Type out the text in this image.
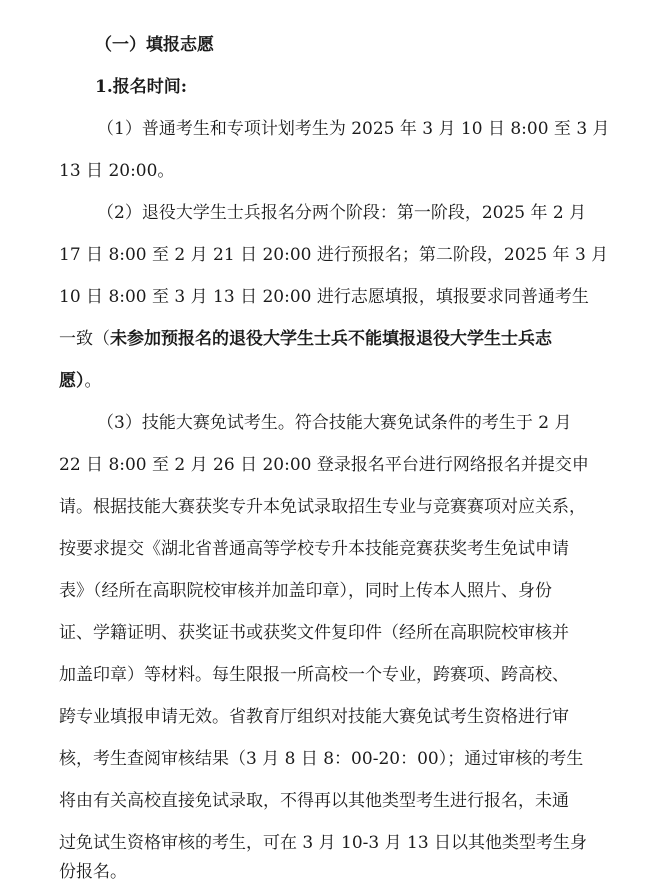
（一）填报志愿
1.报名时间:
（1）普通考生和专项计划考生为 2025 年 3 月 10 日 8:00 至 3 月
13 日 20:00。
（2）退役大学生士兵报名分两个阶段：第一阶段，2025 年 2 月
17 日 8:00 至 2 月 21 日 20:00 进行预报名；第二阶段，2025 年 3 月
10 日 8:00 至 3 月 13 日 20:00 进行志愿填报，填报要求同普通考生
一致（未参加预报名的退役大学生士兵不能填报退役大学生士兵志
愿）。
（3）技能大赛免试考生。符合技能大赛免试条件的考生于 2 月
22 日 8:00 至 2 月 26 日 20:00 登录报名平台进行网络报名并提交申
请。根据技能大赛获奖专升本免试录取招生专业与竞赛赛项对应关系，
按要求提交《湖北省普通高等学校专升本技能竞赛获奖考生免试申请
表》（经所在高职院校审核并加盖印章），同时上传本人照片、身份
证、学籍证明、获奖证书或获奖文件复印件（经所在高职院校审核并
加盖印章）等材料。每生限报一所高校一个专业，跨赛项、跨高校、
跨专业填报申请无效。省教育厅组织对技能大赛免试考生资格进行审
核，考生查阅审核结果（3 月 8 日 8：00-20：00）；通过审核的考生
将由有关高校直接免试录取，不得再以其他类型考生进行报名，未通
过免试生资格审核的考生，可在 3 月 10-3 月 13 日以其他类型考生身
份报名。
